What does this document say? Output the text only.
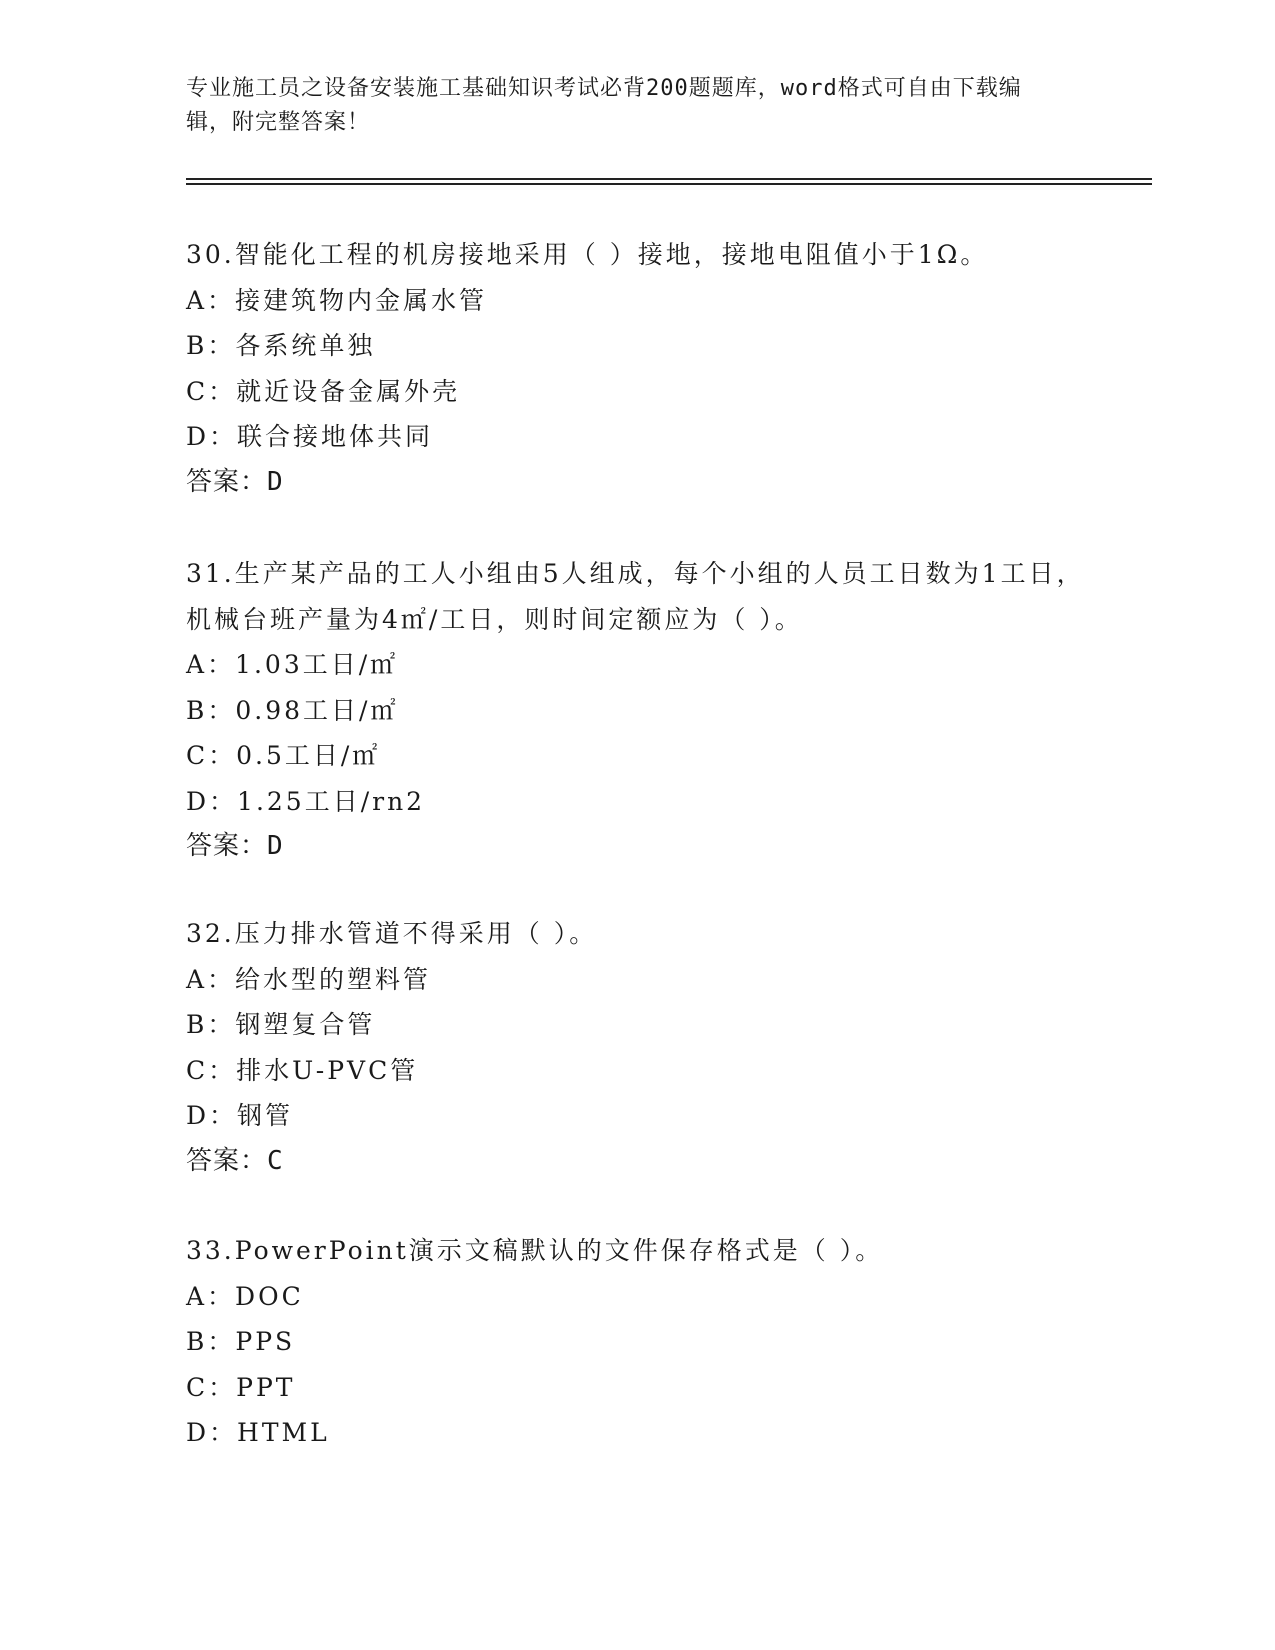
专业施工员之设备安装施工基础知识考试必背200题题库，word格式可自由下载编辑，附完整答案！
30.智能化工程的机房接地采用（ ）接地，接地电阻值小于1Ω。
A：接建筑物内金属水管
B：各系统单独
C：就近设备金属外壳
D：联合接地体共同
答案：D
31.生产某产品的工人小组由5人组成，每个小组的人员工日数为1工日，机械台班产量为4㎡/工日，则时间定额应为（ ）。
A：1.03工日/㎡
B：0.98工日/㎡
C：0.5工日/㎡
D：1.25工日/rn2
答案：D
32.压力排水管道不得采用（ ）。
A：给水型的塑料管
B：钢塑复合管
C：排水U-PVC管
D：钢管
答案：C
33.PowerPoint演示文稿默认的文件保存格式是（ ）。
A：DOC
B：PPS
C：PPT
D：HTML
